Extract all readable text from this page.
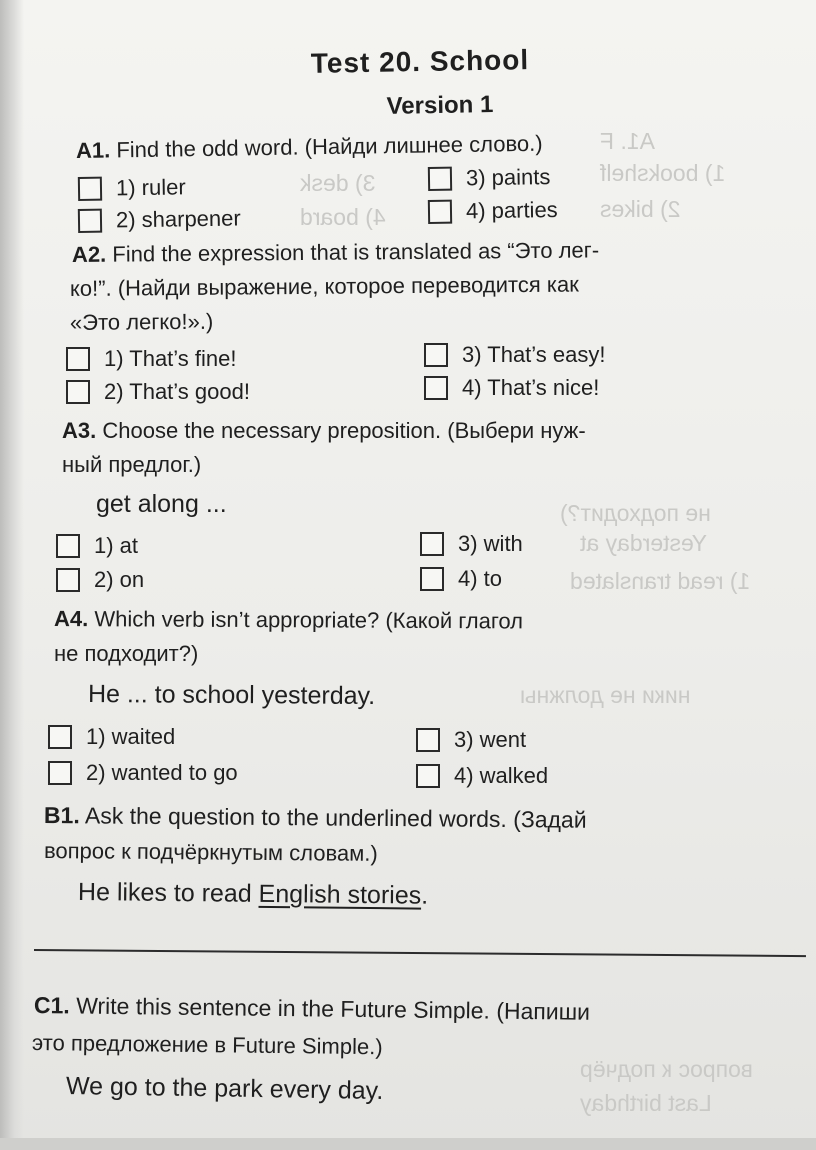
A1. F
1) bookshelf
2) bikes
3) desk
4) board
не подходит?)
Yesterday at
1) read translated
ники не должны
Last birthday
вопрос к подчёр
Test 20. School
Version 1
A1. Find the odd word. (Найди лишнее слово.)
1) ruler
2) sharpener
3) paints
4) parties
A2. Find the expression that is translated as “Это лег-
ко!”. (Найди выражение, которое переводится как
«Это легко!».)
1) That’s fine!
2) That’s good!
3) That’s easy!
4) That’s nice!
A3. Choose the necessary preposition. (Выбери нуж-
ный предлог.)
get along ...
1) at
2) on
3) with
4) to
A4. Which verb isn’t appropriate? (Какой глагол
не подходит?)
He ... to school yesterday.
1) waited
2) wanted to go
3) went
4) walked
B1. Ask the question to the underlined words. (Задай
вопрос к подчёркнутым словам.)
He likes to read English stories.
C1. Write this sentence in the Future Simple. (Напиши
это предложение в Future Simple.)
We go to the park every day.
